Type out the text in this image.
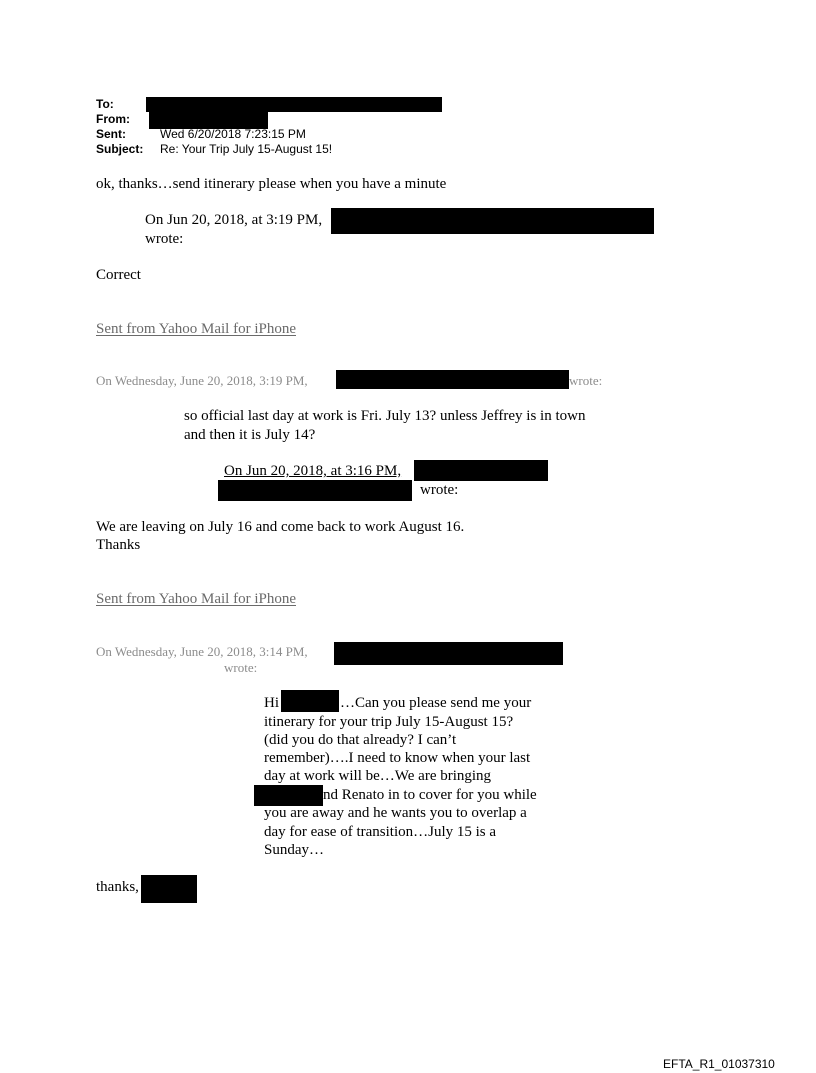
To:
From:
Sent:	Wed 6/20/2018 7:23:15 PM
Subject: Re: Your Trip July 15-August 15!
ok, thanks…send itinerary please when you have a minute
On Jun 20, 2018, at 3:19 PM,
wrote:
Correct
Sent from Yahoo Mail for iPhone
On Wednesday, June 20, 2018, 3:19 PM,	wrote:
so official last day at work is Fri. July 13? unless Jeffrey is in town
and then it is July 14?
On Jun 20, 2018, at 3:16 PM,
wrote:
We are leaving on July 16 and come back to work August 16.
Thanks
Sent from Yahoo Mail for iPhone
On Wednesday, June 20, 2018, 3:14 PM,
wrote:
Hi	…Can you please send me your
itinerary for your trip July 15-August 15?
(did you do that already? I can’t
remember)….I need to know when your last
day at work will be…We are bringing
nd Renato in to cover for you while
you are away and he wants you to overlap a
day for ease of transition…July 15 is a
Sunday…
thanks,
EFTA_R1_01037310
